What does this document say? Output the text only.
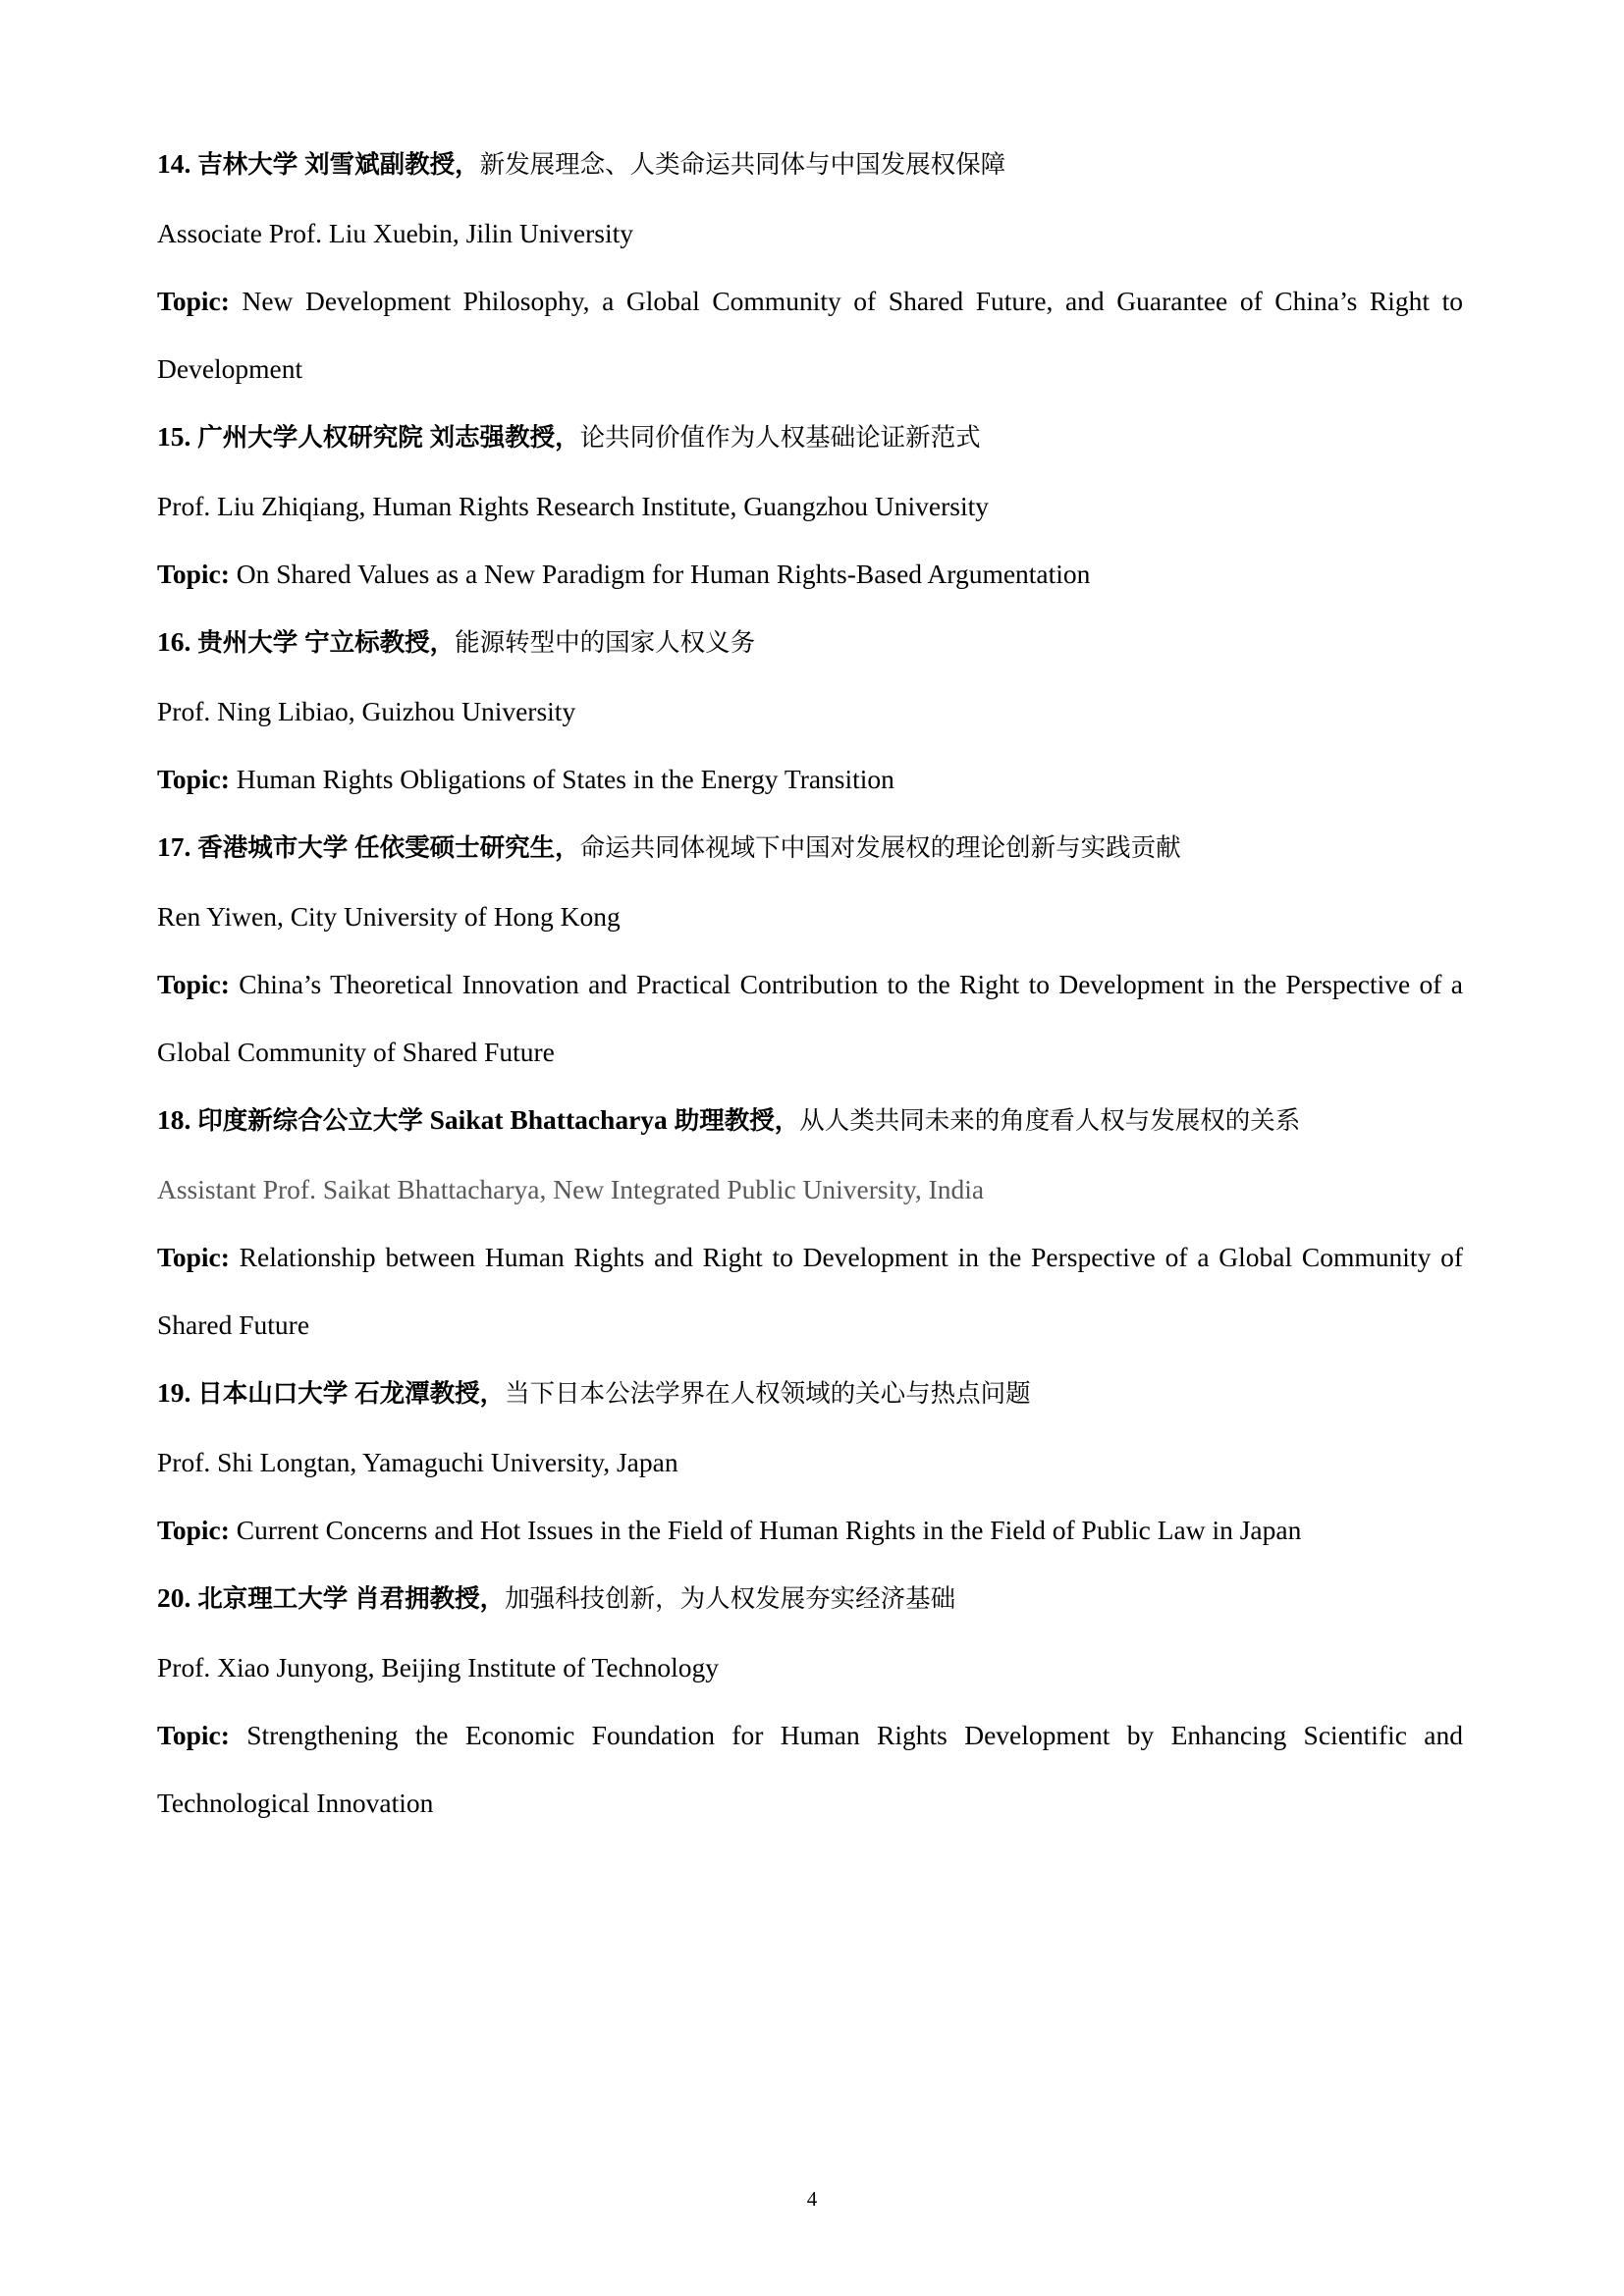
14. 吉林大学 刘雪斌副教授，新发展理念、人类命运共同体与中国发展权保障

Associate Prof. Liu Xuebin, Jilin University

Topic: New Development Philosophy, a Global Community of Shared Future, and Guarantee of China’s Right to Development

15. 广州大学人权研究院 刘志强教授，论共同价值作为人权基础论证新范式

Prof. Liu Zhiqiang, Human Rights Research Institute, Guangzhou University

Topic: On Shared Values as a New Paradigm for Human Rights-Based Argumentation

16. 贵州大学 宁立标教授，能源转型中的国家人权义务

Prof. Ning Libiao, Guizhou University

Topic: Human Rights Obligations of States in the Energy Transition

17. 香港城市大学 任依雯硕士研究生，命运共同体视域下中国对发展权的理论创新与实践贡献

Ren Yiwen, City University of Hong Kong

Topic: China’s Theoretical Innovation and Practical Contribution to the Right to Development in the Perspective of a Global Community of Shared Future

18. 印度新综合公立大学 Saikat Bhattacharya 助理教授，从人类共同未来的角度看人权与发展权的关系

Assistant Prof. Saikat Bhattacharya, New Integrated Public University, India

Topic: Relationship between Human Rights and Right to Development in the Perspective of a Global Community of Shared Future

19. 日本山口大学 石龙潭教授，当下日本公法学界在人权领域的关心与热点问题

Prof. Shi Longtan, Yamaguchi University, Japan

Topic: Current Concerns and Hot Issues in the Field of Human Rights in the Field of Public Law in Japan

20. 北京理工大学 肖君拥教授，加强科技创新，为人权发展夯实经济基础

Prof. Xiao Junyong, Beijing Institute of Technology

Topic: Strengthening the Economic Foundation for Human Rights Development by Enhancing Scientific and Technological Innovation

4
